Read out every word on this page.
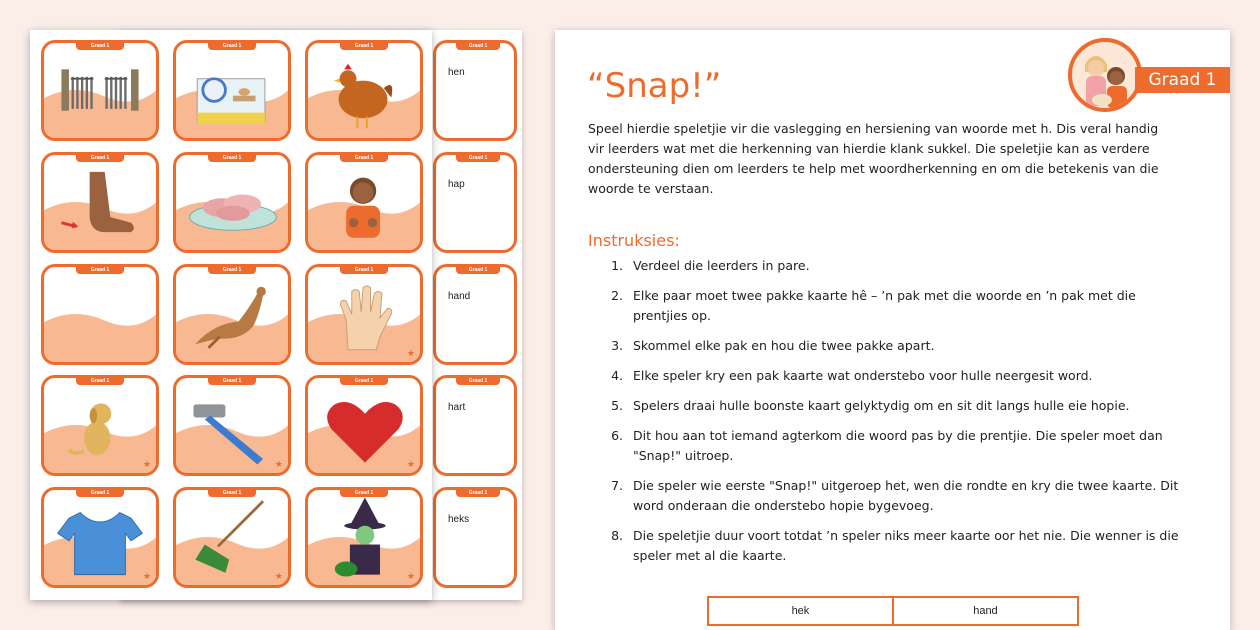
Graad 1
hen
Graad 1
hap
Graad 1
hand
Graad 1
hart
Graad 1
heks
Graad 1	Graad 1	Graad 1
Graad 1	Graad 1	Graad 1
Graad 1	Graad 1	Graad 1
★
Graad 1
★
Graad 1
★
Graad 1
★
Graad 1
★
Graad 1
★
Graad 1
★
Graad 1
“Snap!”
Speel hierdie speletjie vir die vaslegging en hersiening van woorde met h. Dis veral handig vir leerders wat met die herkenning van hierdie klank sukkel. Die speletjie kan as verdere ondersteuning dien om leerders te help met woordherkenning en om die betekenis van die woorde te verstaan.
Instruksies:
1. Verdeel die leerders in pare.
2. Elke paar moet twee pakke kaarte hê – ’n pak met die woorde en ’n pak met die prentjies op.
3. Skommel elke pak en hou die twee pakke apart.
4. Elke speler kry een pak kaarte wat onderstebo voor hulle neergesit word.
5. Spelers draai hulle boonste kaart gelyktydig om en sit dit langs hulle eie hopie.
6. Dit hou aan tot iemand agterkom die woord pas by die prentjie. Die speler moet dan "Snap!" uitroep.
7. Die speler wie eerste "Snap!" uitgeroep het, wen die rondte en kry die twee kaarte. Dit word onderaan die onderstebo hopie bygevoeg.
8. Die speletjie duur voort totdat ’n speler niks meer kaarte oor het nie. Die wenner is die speler met al die kaarte.
hek	hand
